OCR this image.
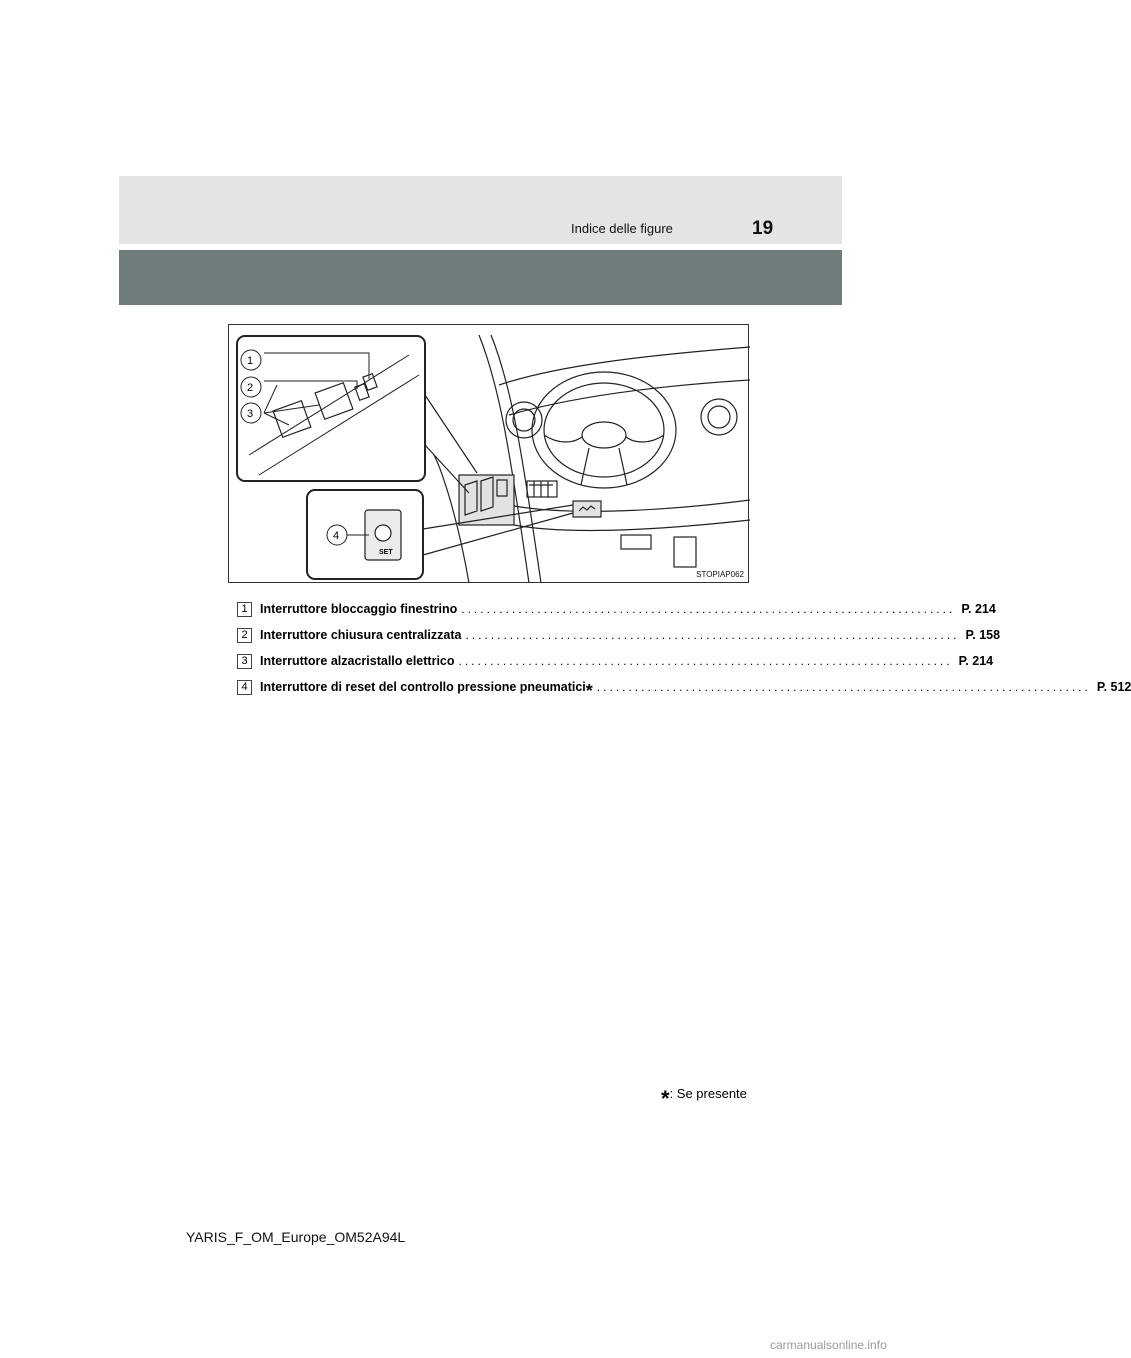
Indice delle figure	19
1
2
3
4
SET
STOPIAP062
1 Interruttore bloccaggio finestrino .............................................................................. P. 214
2 Interruttore chiusura centralizzata .............................................................................. P. 158
3 Interruttore alzacristallo elettrico .............................................................................. P. 214
4 Interruttore di reset del controllo pressione pneumatici* .............................................................................. P. 512
*: Se presente
YARIS_F_OM_Europe_OM52A94L
carmanualsonline.info
